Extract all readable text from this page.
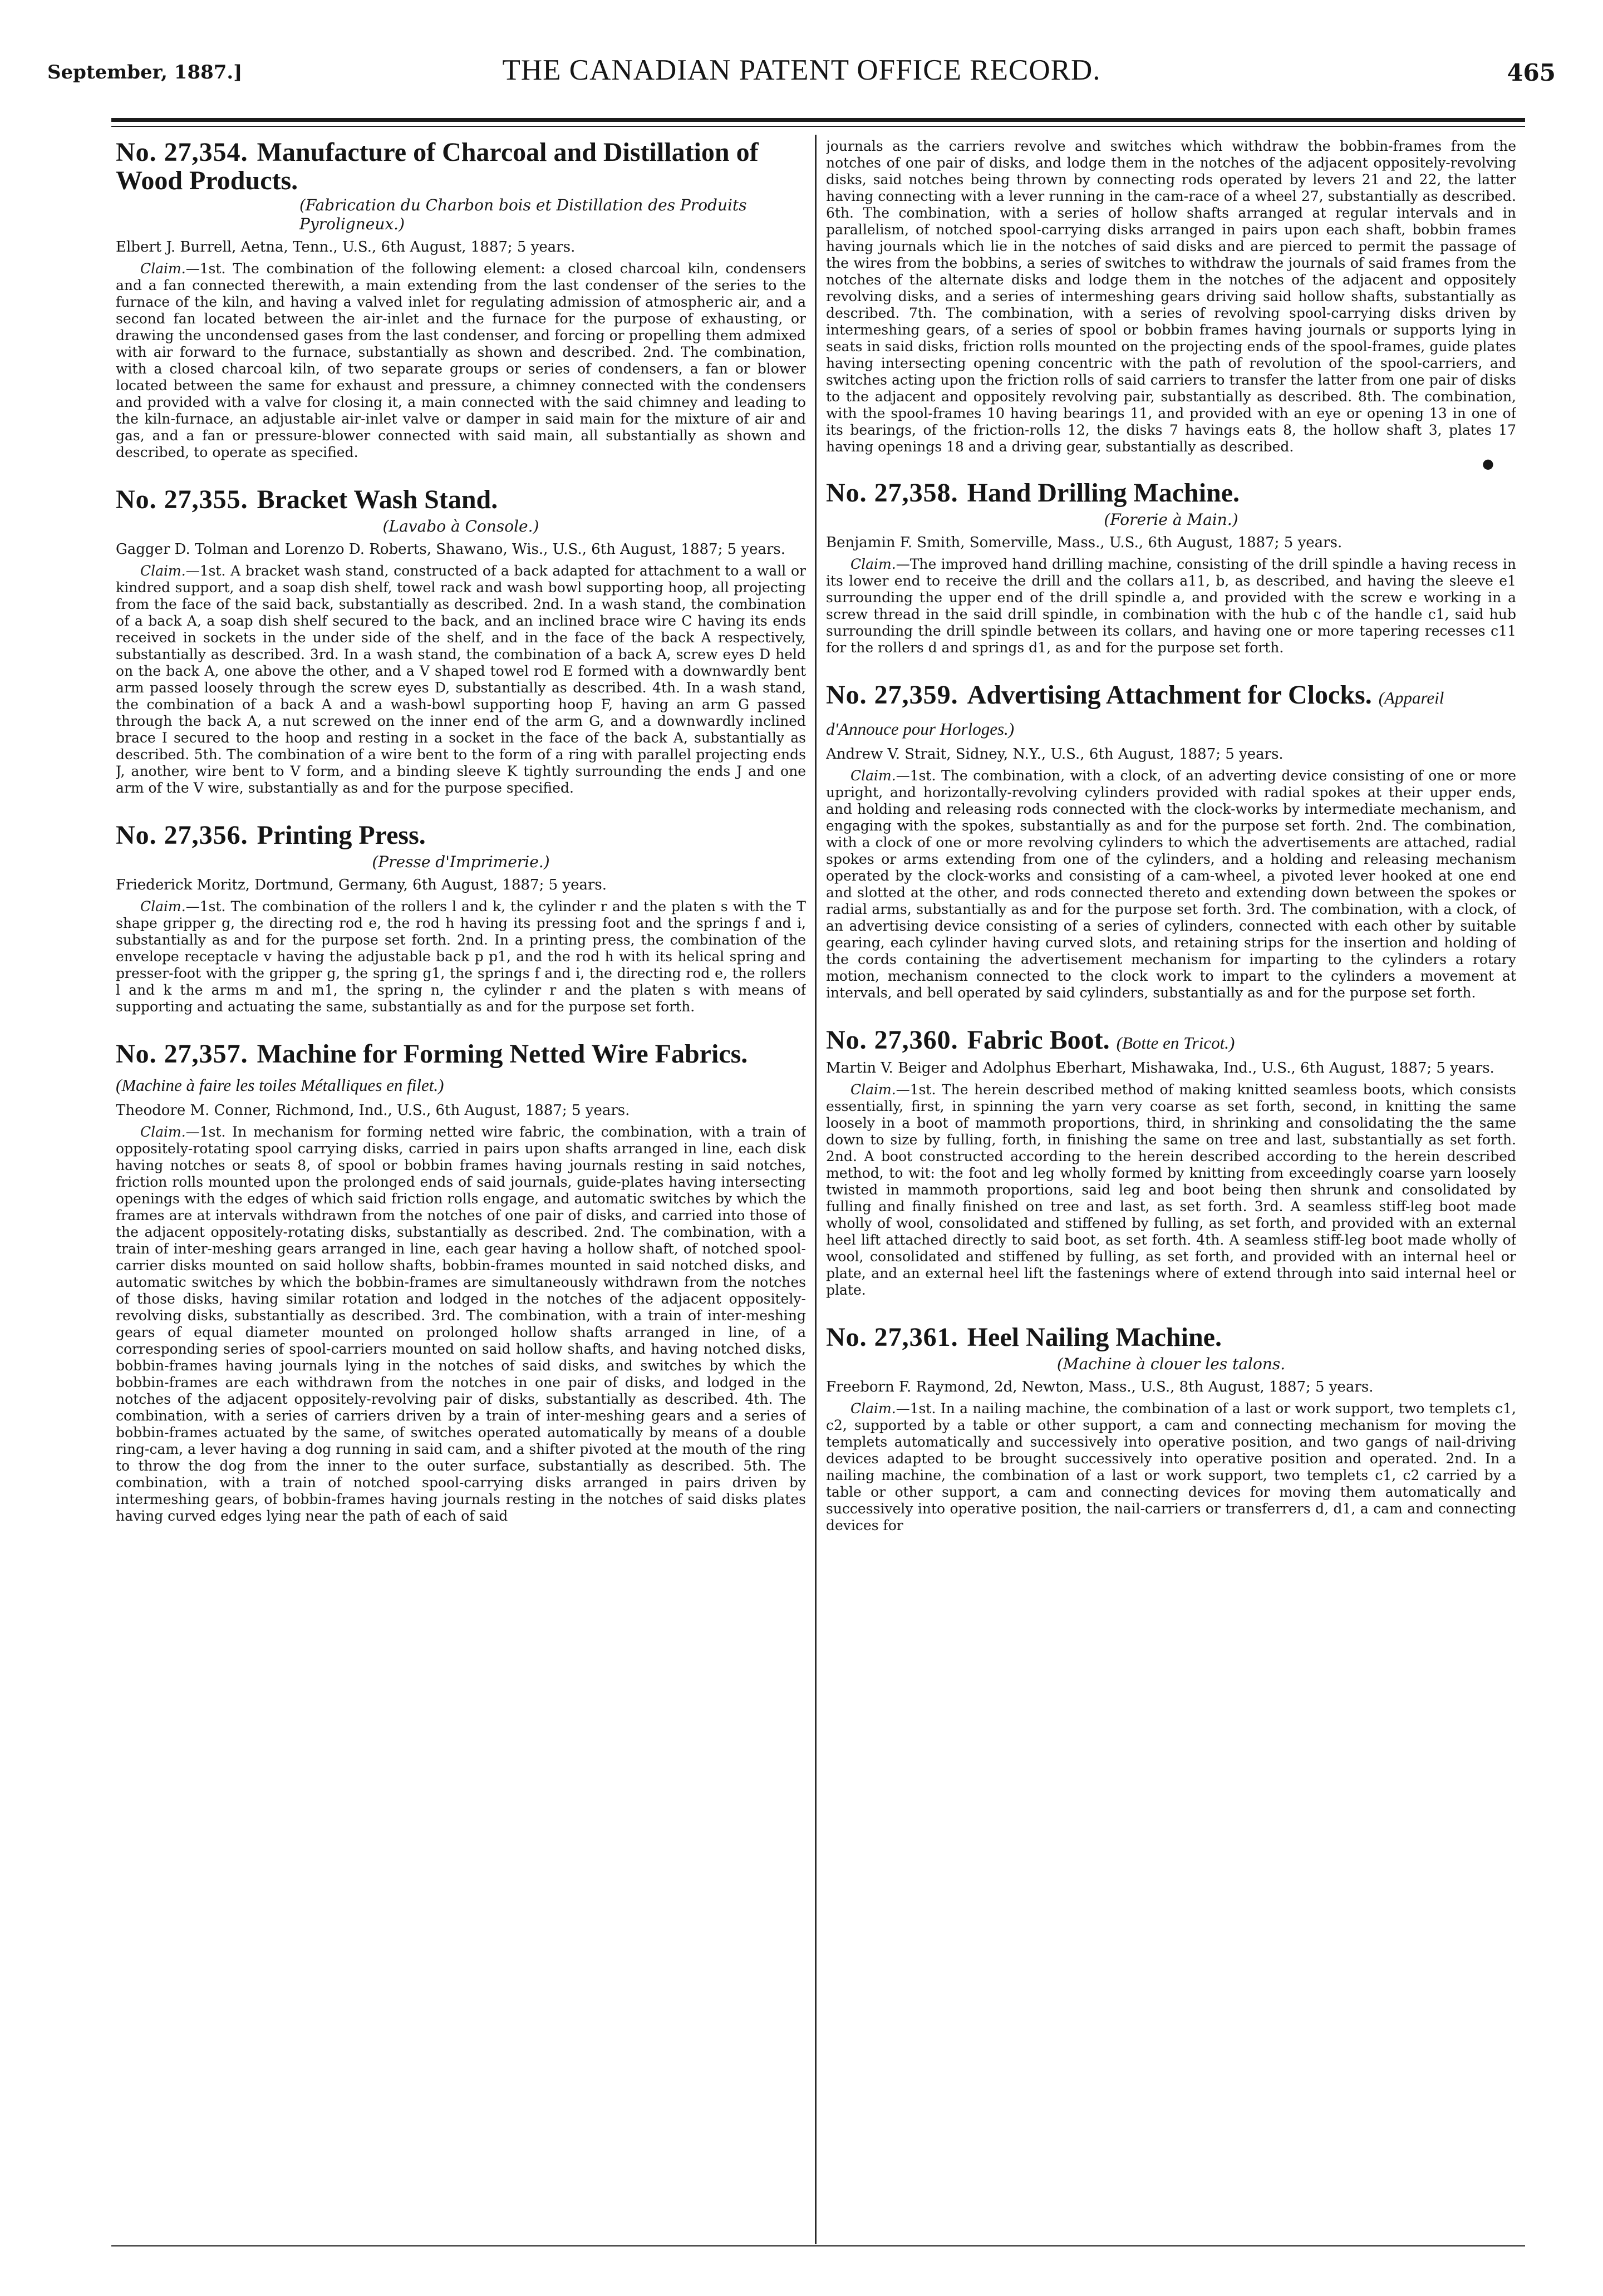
September, 1887.]	THE CANADIAN PATENT OFFICE RECORD.	465
No. 27,354. Manufacture of Charcoal and Distillation of Wood Products.
(Fabrication du Charbon bois et Distillation des Produits Pyroligneux.)
Elbert J. Burrell, Aetna, Tenn., U.S., 6th August, 1887; 5 years.

Claim.—1st. The combination of the following element: a closed charcoal kiln, condensers and a fan connected therewith, a main extending from the last condenser of the series to the furnace of the kiln, and having a valved inlet for regulating admission of atmospheric air, and a second fan located between the air-inlet and the furnace for the purpose of exhausting, or drawing the uncondensed gases from the last condenser, and forcing or propelling them admixed with air forward to the furnace, substantially as shown and described. 2nd. The combination, with a closed charcoal kiln, of two separate groups or series of condensers, a fan or blower located between the same for exhaust and pressure, a chimney connected with the condensers and provided with a valve for closing it, a main connected with the said chimney and leading to the kiln-furnace, an adjustable air-inlet valve or damper in said main for the mixture of air and gas, and a fan or pressure-blower connected with said main, all substantially as shown and described, to operate as specified.

No. 27,355. Bracket Wash Stand.
(Lavabo à Console.)
Gagger D. Tolman and Lorenzo D. Roberts, Shawano, Wis., U.S., 6th August, 1887; 5 years.

Claim.—1st. A bracket wash stand, constructed of a back adapted for attachment to a wall or kindred support, and a soap dish shelf, towel rack and wash bowl supporting hoop, all projecting from the face of the said back, substantially as described. 2nd. In a wash stand, the combination of a back A, a soap dish shelf secured to the back, and an inclined brace wire C having its ends received in sockets in the under side of the shelf, and in the face of the back A respectively, substantially as described. 3rd. In a wash stand, the combination of a back A, screw eyes D held on the back A, one above the other, and a V shaped towel rod E formed with a downwardly bent arm passed loosely through the screw eyes D, substantially as described. 4th. In a wash stand, the combination of a back A and a wash-bowl supporting hoop F, having an arm G passed through the back A, a nut screwed on the inner end of the arm G, and a downwardly inclined brace I secured to the hoop and resting in a socket in the face of the back A, substantially as described. 5th. The combination of a wire bent to the form of a ring with parallel projecting ends J, another, wire bent to V form, and a binding sleeve K tightly surrounding the ends J and one arm of the V wire, substantially as and for the purpose specified.

No. 27,356. Printing Press.
(Presse d'Imprimerie.)
Friederick Moritz, Dortmund, Germany, 6th August, 1887; 5 years.

Claim.—1st. The combination of the rollers l and k, the cylinder r and the platen s with the T shape gripper g, the directing rod e, the rod h having its pressing foot and the springs f and i, substantially as and for the purpose set forth. 2nd. In a printing press, the combination of the envelope receptacle v having the adjustable back p p1, and the rod h with its helical spring and presser-foot with the gripper g, the spring g1, the springs f and i, the directing rod e, the rollers l and k the arms m and m1, the spring n, the cylinder r and the platen s with means of supporting and actuating the same, substantially as and for the purpose set forth.

No. 27,357. Machine for Forming Netted Wire Fabrics. (Machine à faire les toiles Métalliques en filet.)
Theodore M. Conner, Richmond, Ind., U.S., 6th August, 1887; 5 years.

Claim.—1st. In mechanism for forming netted wire fabric, the combination, with a train of oppositely-rotating spool carrying disks, carried in pairs upon shafts arranged in line, each disk having notches or seats 8, of spool or bobbin frames having journals resting in said notches, friction rolls mounted upon the prolonged ends of said journals, guide-plates having intersecting openings with the edges of which said friction rolls engage, and automatic switches by which the frames are at intervals withdrawn from the notches of one pair of disks, and carried into those of the adjacent oppositely-rotating disks, substantially as described. 2nd. The combination, with a train of inter-meshing gears arranged in line, each gear having a hollow shaft, of notched spool-carrier disks mounted on said hollow shafts, bobbin-frames mounted in said notched disks, and automatic switches by which the bobbin-frames are simultaneously withdrawn from the notches of those disks, having similar rotation and lodged in the notches of the adjacent oppositely-revolving disks, substantially as described. 3rd. The combination, with a train of inter-meshing gears of equal diameter mounted on prolonged hollow shafts arranged in line, of a corresponding series of spool-carriers mounted on said hollow shafts, and having notched disks, bobbin-frames having journals lying in the notches of said disks, and switches by which the bobbin-frames are each withdrawn from the notches in one pair of disks, and lodged in the notches of the adjacent oppositely-revolving pair of disks, substantially as described. 4th. The combination, with a series of carriers driven by a train of inter-meshing gears and a series of bobbin-frames actuated by the same, of switches operated automatically by means of a double ring-cam, a lever having a dog running in said cam, and a shifter pivoted at the mouth of the ring to throw the dog from the inner to the outer surface, substantially as described. 5th. The combination, with a train of notched spool-carrying disks arranged in pairs driven by intermeshing gears, of bobbin-frames having journals resting in the notches of said disks plates having curved edges lying near the path of each of said

journals as the carriers revolve and switches which withdraw the bobbin-frames from the notches of one pair of disks, and lodge them in the notches of the adjacent oppositely-revolving disks, said notches being thrown by connecting rods operated by levers 21 and 22, the latter having connecting with a lever running in the cam-race of a wheel 27, substantially as described. 6th. The combination, with a series of hollow shafts arranged at regular intervals and in parallelism, of notched spool-carrying disks arranged in pairs upon each shaft, bobbin frames having journals which lie in the notches of said disks and are pierced to permit the passage of the wires from the bobbins, a series of switches to withdraw the journals of said frames from the notches of the alternate disks and lodge them in the notches of the adjacent and oppositely revolving disks, and a series of intermeshing gears driving said hollow shafts, substantially as described. 7th. The combination, with a series of revolving spool-carrying disks driven by intermeshing gears, of a series of spool or bobbin frames having journals or supports lying in seats in said disks, friction rolls mounted on the projecting ends of the spool-frames, guide plates having intersecting opening concentric with the path of revolution of the spool-carriers, and switches acting upon the friction rolls of said carriers to transfer the latter from one pair of disks to the adjacent and oppositely revolving pair, substantially as described. 8th. The combination, with the spool-frames 10 having bearings 11, and provided with an eye or opening 13 in one of its bearings, of the friction-rolls 12, the disks 7 havings eats 8, the hollow shaft 3, plates 17 having openings 18 and a driving gear, substantially as described.

●
No. 27,358. Hand Drilling Machine.
(Forerie à Main.)
Benjamin F. Smith, Somerville, Mass., U.S., 6th August, 1887; 5 years.

Claim.—The improved hand drilling machine, consisting of the drill spindle a having recess in its lower end to receive the drill and the collars a11, b, as described, and having the sleeve e1 surrounding the upper end of the drill spindle a, and provided with the screw e working in a screw thread in the said drill spindle, in combination with the hub c of the handle c1, said hub surrounding the drill spindle between its collars, and having one or more tapering recesses c11 for the rollers d and springs d1, as and for the purpose set forth.

No. 27,359. Advertising Attachment for Clocks. (Appareil d'Annouce pour Horloges.)
Andrew V. Strait, Sidney, N.Y., U.S., 6th August, 1887; 5 years.

Claim.—1st. The combination, with a clock, of an adverting device consisting of one or more upright, and horizontally-revolving cylinders provided with radial spokes at their upper ends, and holding and releasing rods connected with the clock-works by intermediate mechanism, and engaging with the spokes, substantially as and for the purpose set forth. 2nd. The combination, with a clock of one or more revolving cylinders to which the advertisements are attached, radial spokes or arms extending from one of the cylinders, and a holding and releasing mechanism operated by the clock-works and consisting of a cam-wheel, a pivoted lever hooked at one end and slotted at the other, and rods connected thereto and extending down between the spokes or radial arms, substantially as and for the purpose set forth. 3rd. The combination, with a clock, of an advertising device consisting of a series of cylinders, connected with each other by suitable gearing, each cylinder having curved slots, and retaining strips for the insertion and holding of the cords containing the advertisement mechanism for imparting to the cylinders a rotary motion, mechanism connected to the clock work to impart to the cylinders a movement at intervals, and bell operated by said cylinders, substantially as and for the purpose set forth.

No. 27,360. Fabric Boot. (Botte en Tricot.)
Martin V. Beiger and Adolphus Eberhart, Mishawaka, Ind., U.S., 6th August, 1887; 5 years.

Claim.—1st. The herein described method of making knitted seamless boots, which consists essentially, first, in spinning the yarn very coarse as set forth, second, in knitting the same loosely in a boot of mammoth proportions, third, in shrinking and consolidating the the same down to size by fulling, forth, in finishing the same on tree and last, substantially as set forth. 2nd. A boot constructed according to the herein described according to the herein described method, to wit: the foot and leg wholly formed by knitting from exceedingly coarse yarn loosely twisted in mammoth proportions, said leg and boot being then shrunk and consolidated by fulling and finally finished on tree and last, as set forth. 3rd. A seamless stiff-leg boot made wholly of wool, consolidated and stiffened by fulling, as set forth, and provided with an external heel lift attached directly to said boot, as set forth. 4th. A seamless stiff-leg boot made wholly of wool, consolidated and stiffened by fulling, as set forth, and provided with an internal heel or plate, and an external heel lift the fastenings where of extend through into said internal heel or plate.

No. 27,361. Heel Nailing Machine.
(Machine à clouer les talons.
Freeborn F. Raymond, 2d, Newton, Mass., U.S., 8th August, 1887; 5 years.

Claim.—1st. In a nailing machine, the combination of a last or work support, two templets c1, c2, supported by a table or other support, a cam and connecting mechanism for moving the templets automatically and successively into operative position, and two gangs of nail-driving devices adapted to be brought successively into operative position and operated. 2nd. In a nailing machine, the combination of a last or work support, two templets c1, c2 carried by a table or other support, a cam and connecting devices for moving them automatically and successively into operative position, the nail-carriers or transferrers d, d1, a cam and connecting devices for
